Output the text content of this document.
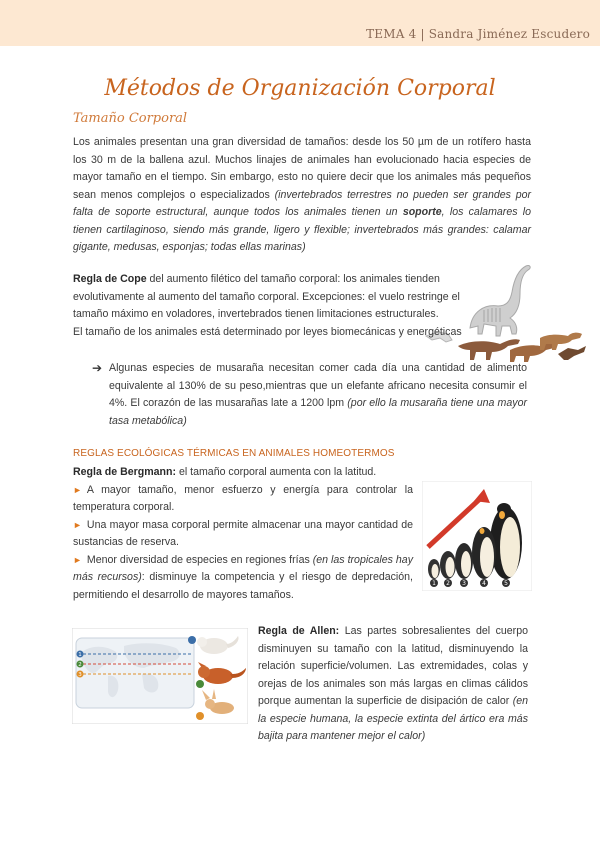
TEMA 4 | Sandra Jiménez Escudero
Métodos de Organización Corporal
Tamaño Corporal
Los animales presentan una gran diversidad de tamaños: desde los 50 µm de un rotífero hasta los 30 m de la ballena azul. Muchos linajes de animales han evolucionado hacia especies de mayor tamaño en el tiempo. Sin embargo, esto no quiere decir que los animales más pequeños sean menos complejos o especializados (invertebrados terrestres no pueden ser grandes por falta de soporte estructural, aunque todos los animales tienen un soporte, los calamares lo tienen cartilaginoso, siendo más grande, ligero y flexible; invertebrados más grandes: calamar gigante, medusas, esponjas; todas ellas marinas)
Regla de Cope del aumento filético del tamaño corporal: los animales tienden
evolutivamente al aumento del tamaño corporal. Excepciones: el vuelo restringe el
tamaño máximo en voladores, invertebrados tienen limitaciones estructurales.
El tamaño de los animales está determinado por leyes biomecánicas y energéticas
➔ Algunas especies de musaraña necesitan comer cada día una cantidad de alimento equivalente al 130% de su peso,mientras que un elefante africano necesita consumir el 4%. El corazón de las musarañas late a 1200 lpm (por ello la musaraña tiene una mayor tasa metabólica)
REGLAS ECOLÓGICAS TÉRMICAS EN ANIMALES HOMEOTERMOS
Regla de Bergmann: el tamaño corporal aumenta con la latitud.
► A mayor tamaño, menor esfuerzo y energía para controlar la temperatura corporal.
► Una mayor masa corporal permite almacenar una mayor cantidad de sustancias de reserva.
► Menor diversidad de especies en regiones frías (en las tropicales hay más recursos): disminuye la competencia y el riesgo de depredación, permitiendo el desarrollo de mayores tamaños.
1 2 3	4	5
1
2
3
Regla de Allen: Las partes sobresalientes del cuerpo disminuyen su tamaño con la latitud, disminuyendo la relación superficie/volumen. Las extremidades, colas y orejas de los animales son más largas en climas cálidos porque aumentan la superficie de disipación de calor (en la especie humana, la especie extinta del ártico era más bajita para mantener mejor el calor)
